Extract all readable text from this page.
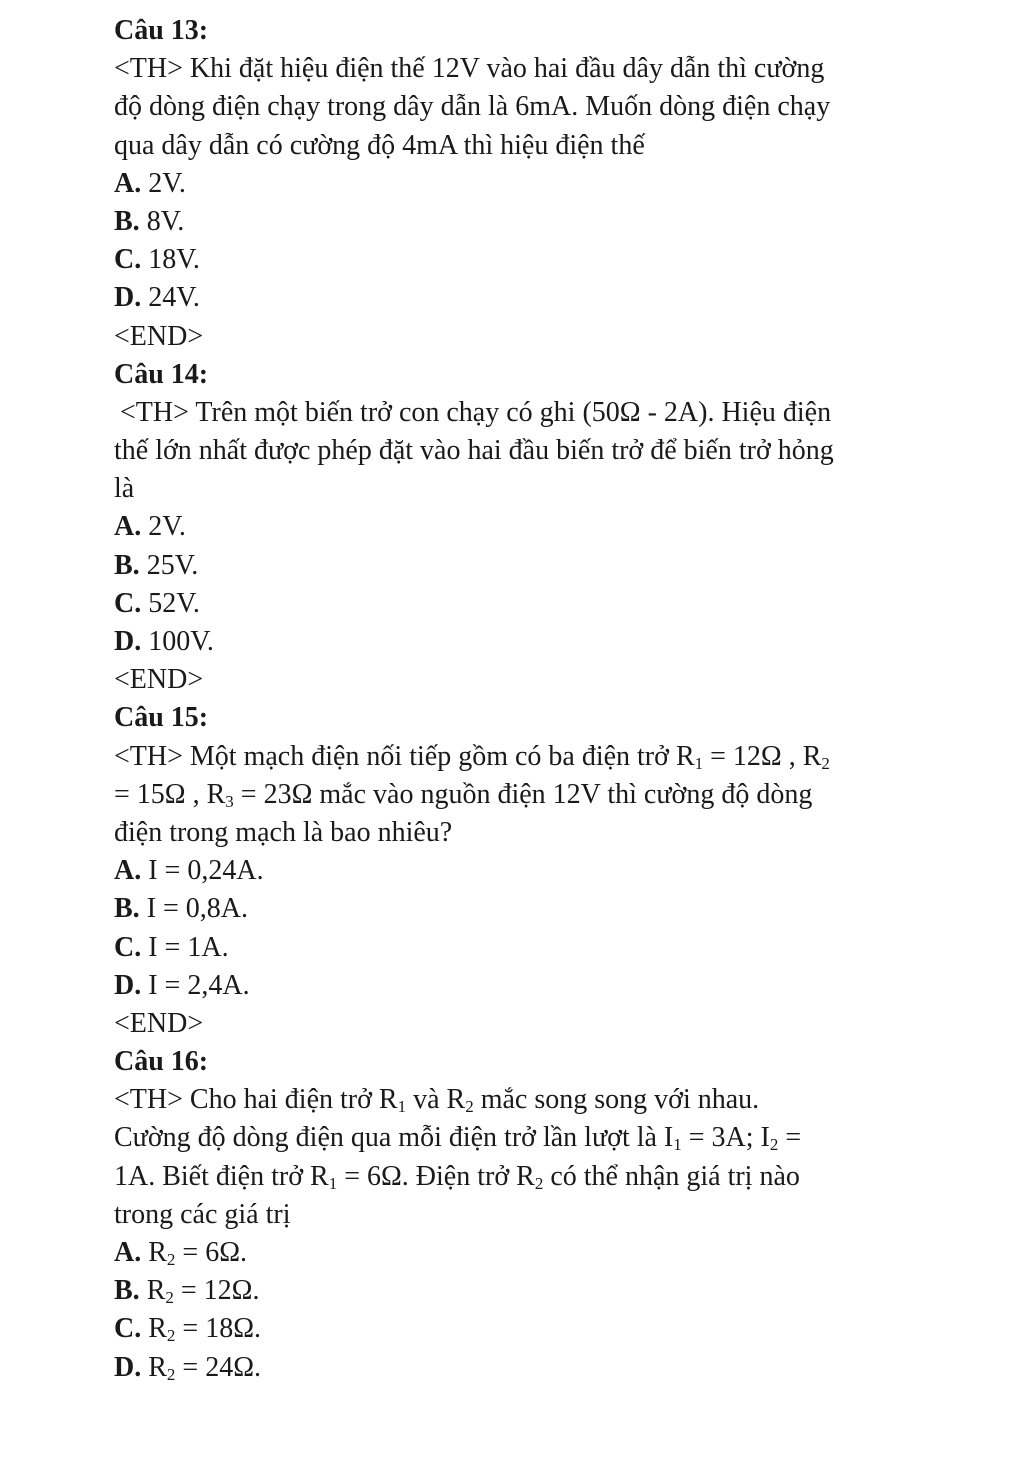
Câu 13:
<TH> Khi đặt hiệu điện thế 12V vào hai đầu dây dẫn thì cường
độ dòng điện chạy trong dây dẫn là 6mA. Muốn dòng điện chạy
qua dây dẫn có cường độ 4mA thì hiệu điện thế
A. 2V.
B. 8V.
C. 18V.
D. 24V.
<END>
Câu 14:
<TH> Trên một biến trở con chạy có ghi (50Ω - 2A). Hiệu điện
thế lớn nhất được phép đặt vào hai đầu biến trở để biến trở hỏng
là
A. 2V.
B. 25V.
C. 52V.
D. 100V.
<END>
Câu 15:
<TH> Một mạch điện nối tiếp gồm có ba điện trở $R_1 = 12\Omega$ , $R_2$
= 15Ω , $R_3 = 23\Omega$ mắc vào nguồn điện 12V thì cường độ dòng
điện trong mạch là bao nhiêu?
A. I = 0,24A.
B. I = 0,8A.
C. I = 1A.
D. I = 2,4A.
<END>
Câu 16:
<TH> Cho hai điện trở $R_1$ và $R_2$ mắc song song với nhau.
Cường độ dòng điện qua mỗi điện trở lần lượt là $I_1 = 3A$; $I_2$ =
1A. Biết điện trở $R_1 = 6\Omega$. Điện trở $R_2$ có thể nhận giá trị nào
trong các giá trị
A. $R_2 = 6\Omega$.
B. $R_2 = 12\Omega$.
C. $R_2 = 18\Omega$.
D. $R_2 = 24\Omega$.
